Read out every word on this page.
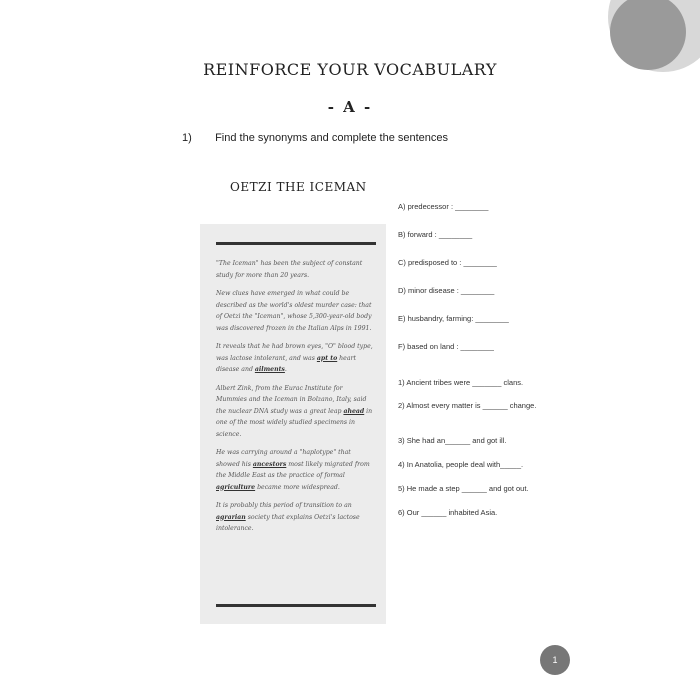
MACETEPE
REINFORCE YOUR VOCABULARY
- A -
1) Find the synonyms and complete the sentences
OETZI THE ICEMAN

"The Iceman" has been the subject of constant study for more than 20 years.

New clues have emerged in what could be described as the world's oldest murder case: that of Oetzi the "Iceman", whose 5,300-year-old body was discovered frozen in the Italian Alps in 1991.

It reveals that he had brown eyes, "O" blood type, was lactose intolerant, and was apt to heart disease and ailments.

Albert Zink, from the Eurac Institute for Mummies and the Iceman in Bolzano, Italy, said the nuclear DNA study was a great leap ahead in one of the most widely studied specimens in science.

He was carrying around a "haplotype" that showed his ancestors most likely migrated from the Middle East as the practice of formal agriculture became more widespread.

It is probably this period of transition to an agrarian society that explains Oetzi's lactose intolerance.

A) predecessor : ________
B) forward : ________
C) predisposed to : ________
D) minor disease : ________
E) husbandry, farming: ________
F) based on land : ________
1) Ancient tribes were _______ clans.
2) Almost every matter is ______ change.
3) She had an______ and got ill.
4) In Anatolia, people deal with_____.
5) He made a step ______ and got out.
6) Our ______ inhabited Asia.
1
